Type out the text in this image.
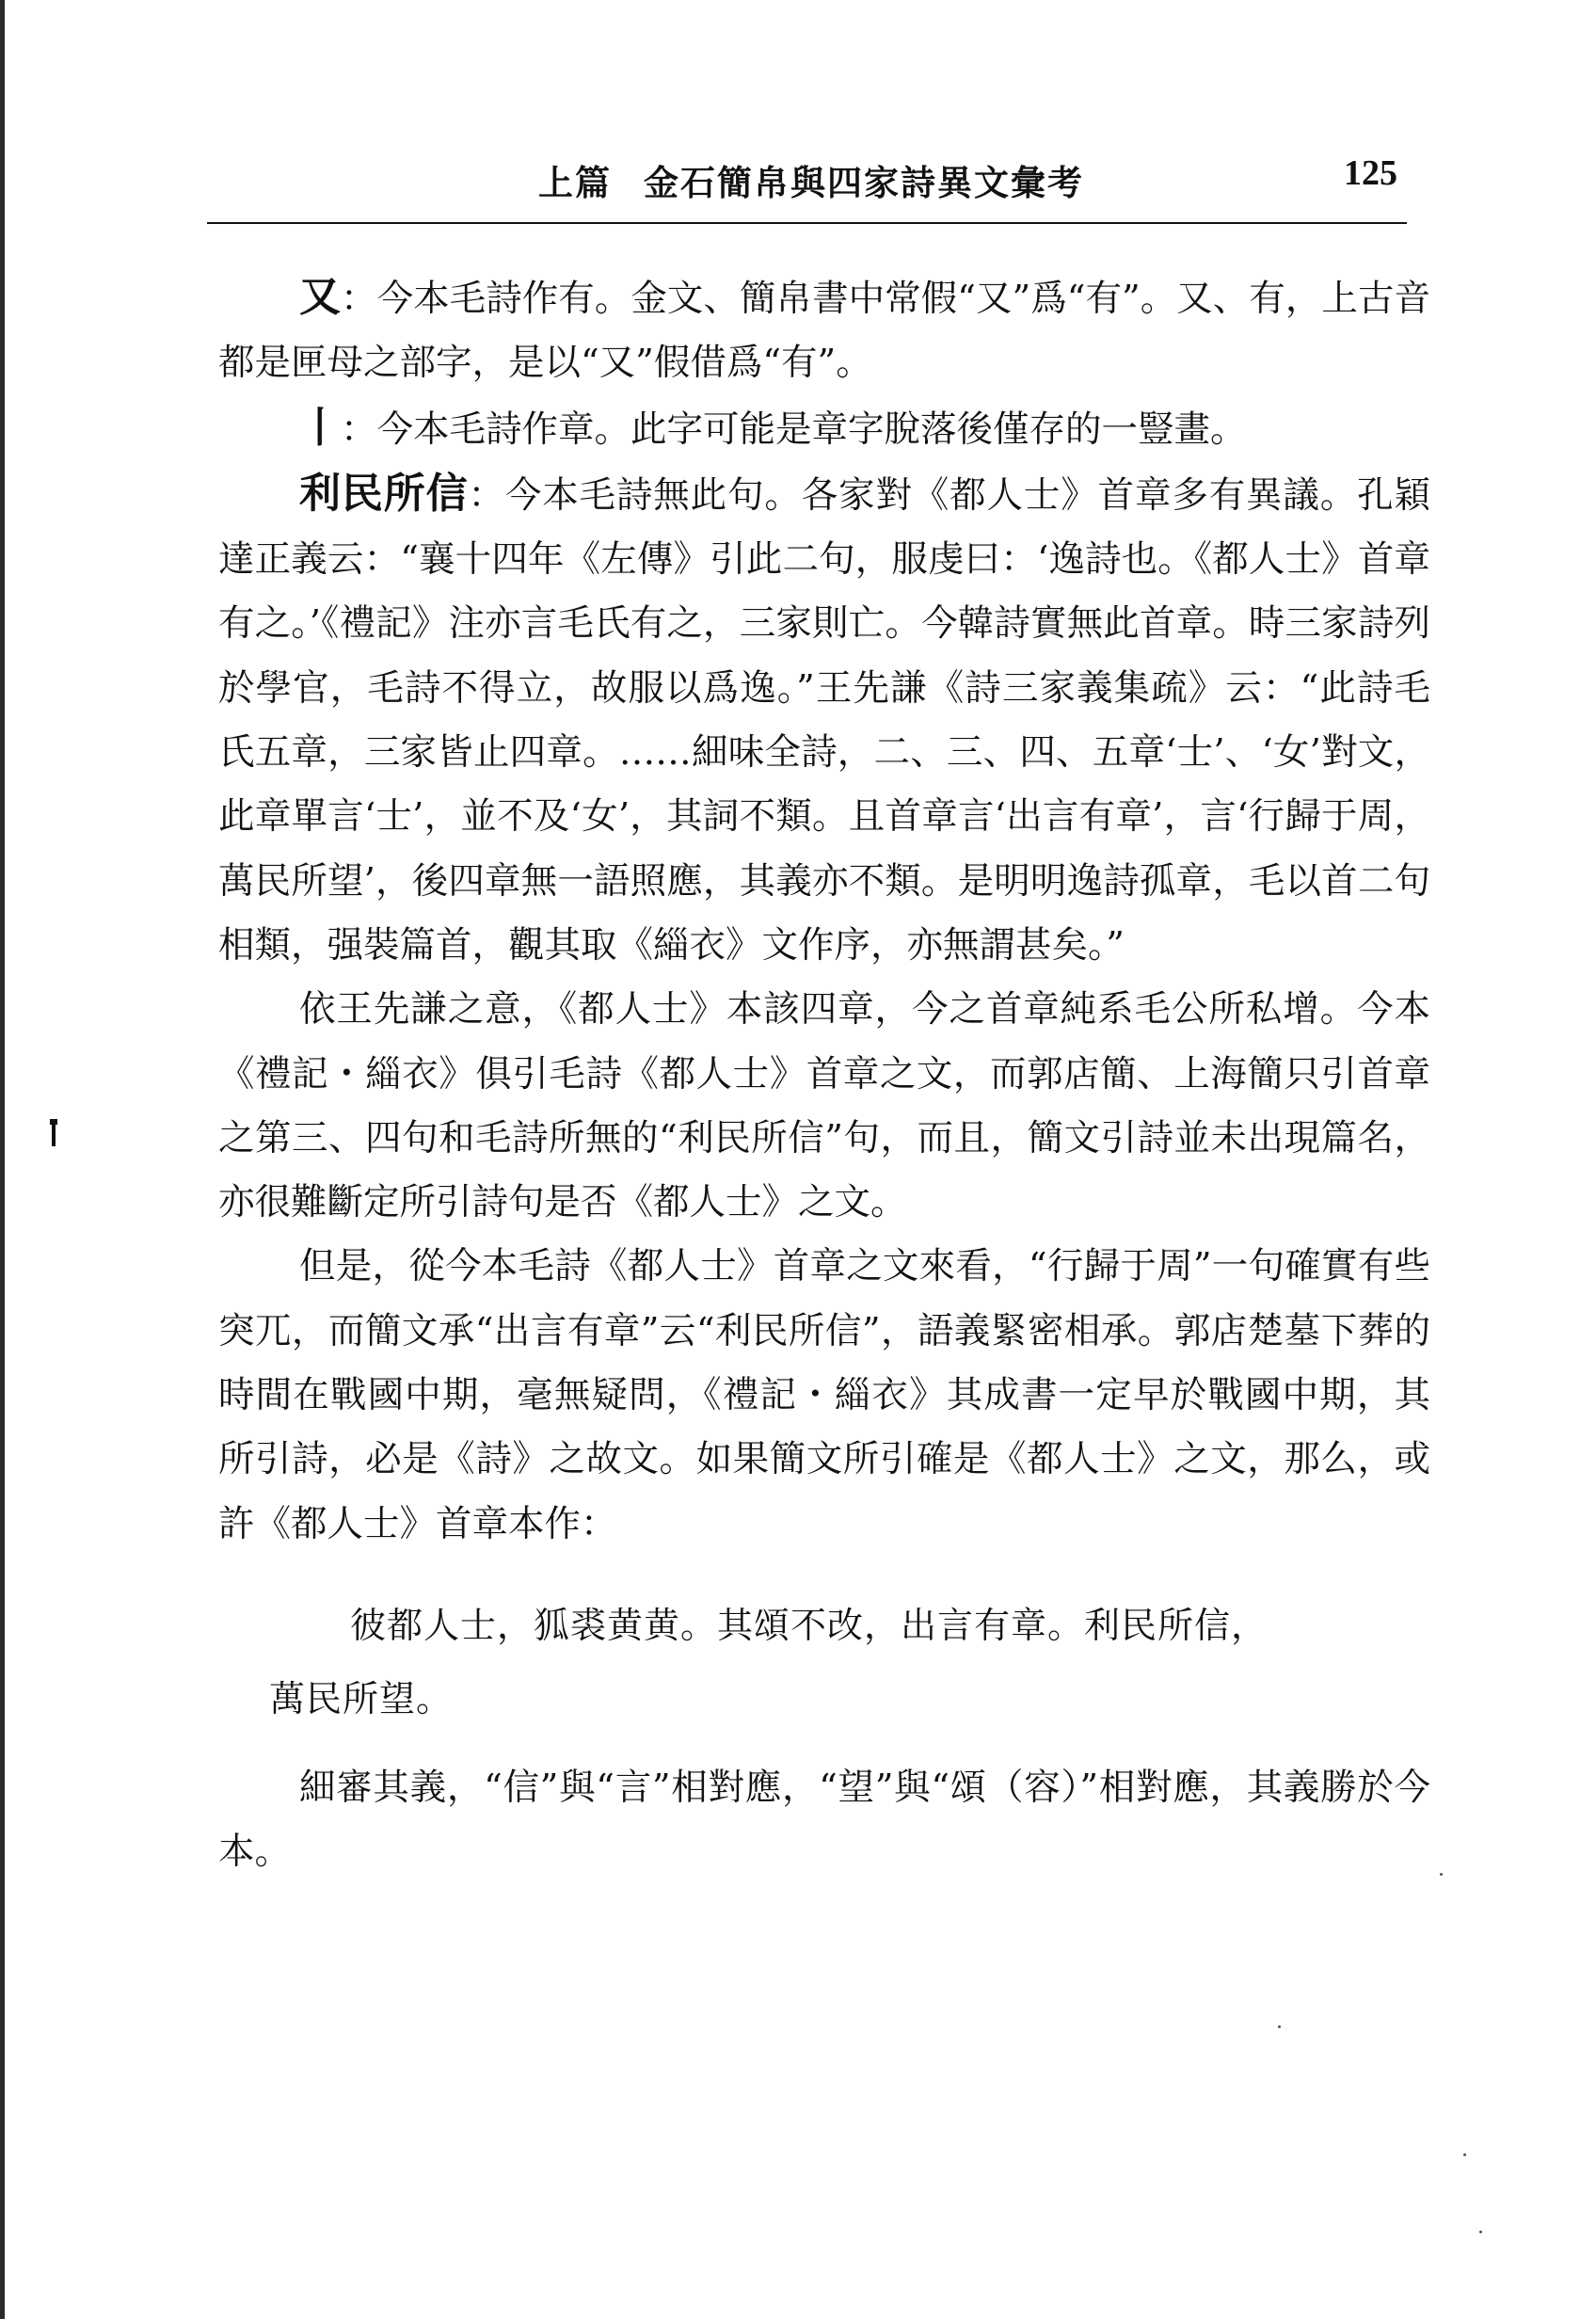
上篇 金石簡帛與四家詩異文彙考	125

又：今本毛詩作有。金文、簡帛書中常假“又”爲“有”。又、有，上古音都是匣母之部字，是以“又”假借爲“有”。

丨：今本毛詩作章。此字可能是章字脫落後僅存的一豎畫。

利民所信：今本毛詩無此句。各家對《都人士》首章多有異議。孔穎達正義云：“襄十四年《左傳》引此二句，服虔曰：‘逸詩也。《都人士》首章有之。’《禮記》注亦言毛氏有之，三家則亡。今韓詩實無此首章。時三家詩列於學官，毛詩不得立，故服以爲逸。”王先謙《詩三家義集疏》云：“此詩毛氏五章，三家皆止四章。……細味全詩，二、三、四、五章‘士’、‘女’對文，此章單言‘士’，並不及‘女’，其詞不類。且首章言‘出言有章’，言‘行歸于周，萬民所望’，後四章無一語照應，其義亦不類。是明明逸詩孤章，毛以首二句相類，强裝篇首，觀其取《緇衣》文作序，亦無謂甚矣。”

依王先謙之意，《都人士》本該四章，今之首章純系毛公所私增。今本《禮記・緇衣》俱引毛詩《都人士》首章之文，而郭店簡、上海簡只引首章之第三、四句和毛詩所無的“利民所信”句，而且，簡文引詩並未出現篇名，亦很難斷定所引詩句是否《都人士》之文。

但是，從今本毛詩《都人士》首章之文來看，“行歸于周”一句確實有些突兀，而簡文承“出言有章”云“利民所信”，語義緊密相承。郭店楚墓下葬的時間在戰國中期，毫無疑問，《禮記・緇衣》其成書一定早於戰國中期，其所引詩，必是《詩》之故文。如果簡文所引確是《都人士》之文，那么，或許《都人士》首章本作：

彼都人士，狐裘黄黄。其頌不改，出言有章。利民所信，
萬民所望。

細審其義，“信”與“言”相對應，“望”與“頌（容）”相對應，其義勝於今本。
